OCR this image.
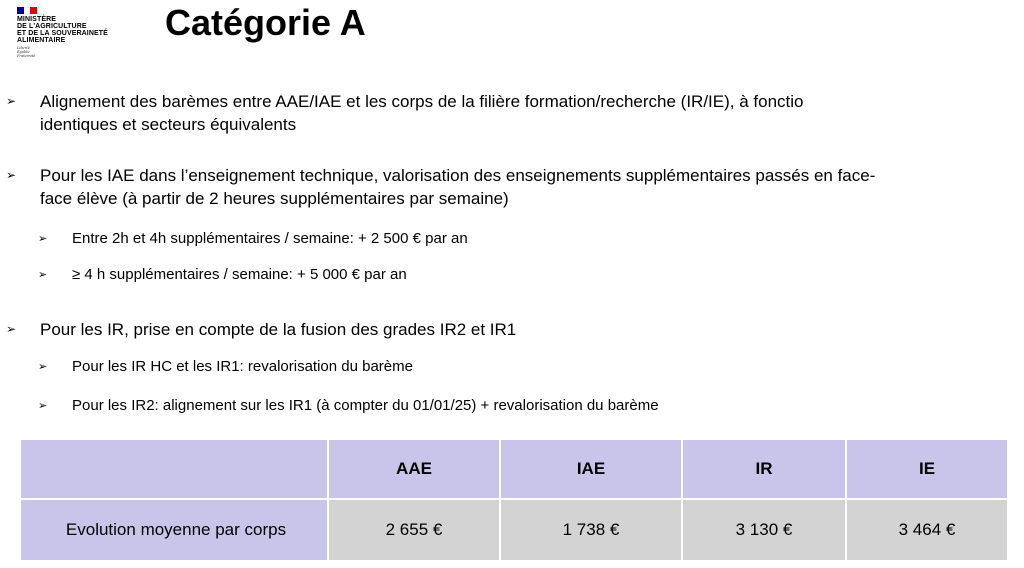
MINISTÈRE
DE L'AGRICULTURE
ET DE LA SOUVERAINETÉ
ALIMENTAIRE
Liberté
Égalité
Fraternité
Catégorie A
➢ Alignement des barèmes entre AAE/IAE et les corps de la filière formation/recherche (IR/IE), à fonctio
identiques et secteurs équivalents
➢ Pour les IAE dans l’enseignement technique, valorisation des enseignements supplémentaires passés en face-
face élève (à partir de 2 heures supplémentaires par semaine)
➢ Entre 2h et 4h supplémentaires / semaine: + 2 500 € par an
➢ ≥ 4 h supplémentaires / semaine: + 5 000 € par an
➢ Pour les IR, prise en compte de la fusion des grades IR2 et IR1
➢ Pour les IR HC et les IR1: revalorisation du barème
➢ Pour les IR2: alignement sur les IR1 (à compter du 01/01/25) + revalorisation du barème
	AAE	IAE	IR	IE
Evolution moyenne par corps	2 655 €	1 738 €	3 130 €	3 464 €
